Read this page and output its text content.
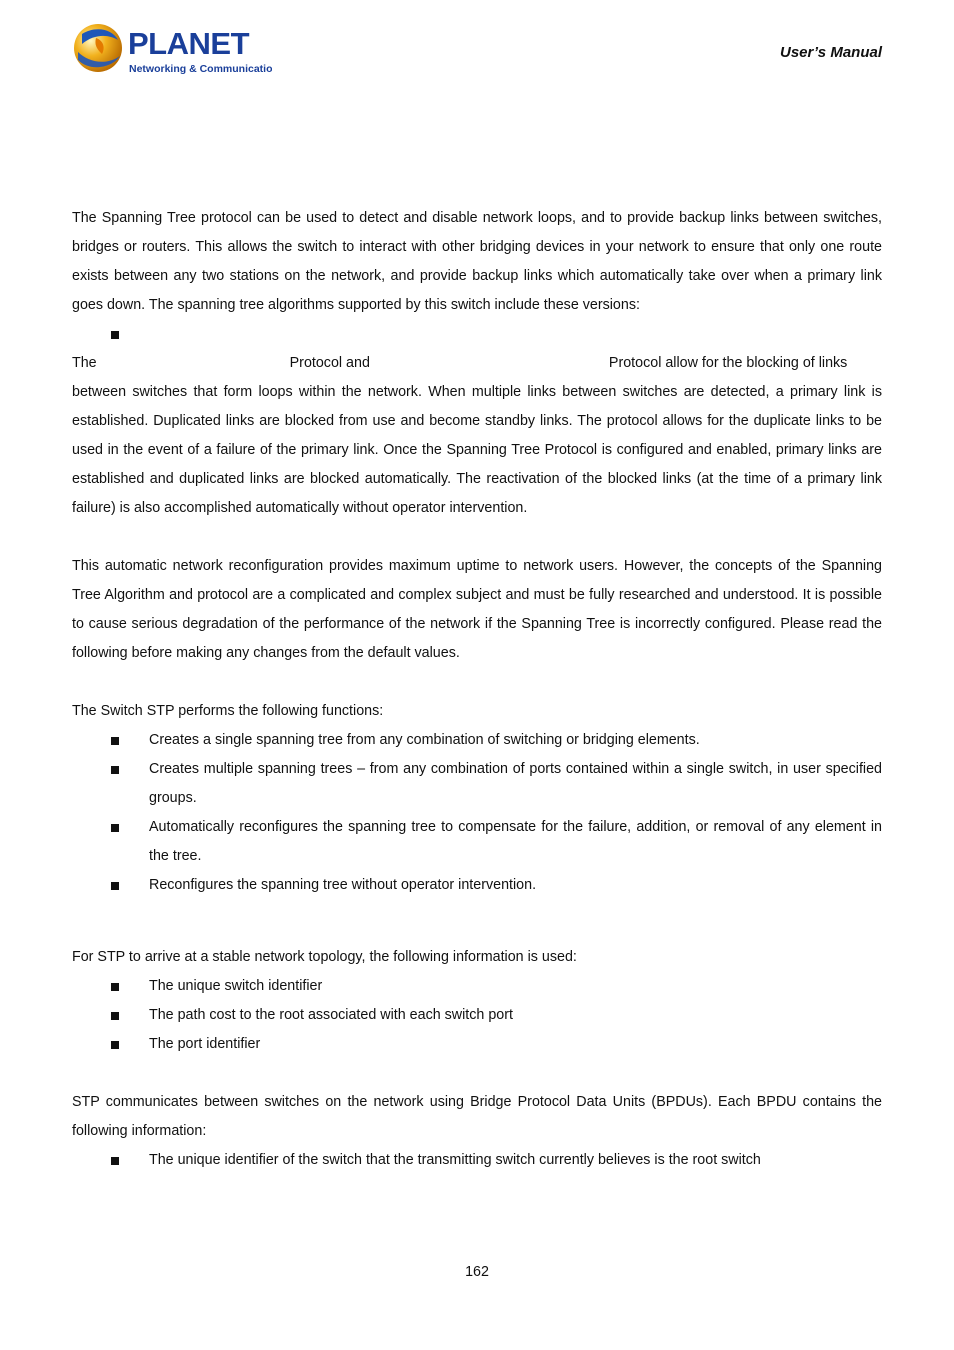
PLANET
Networking & Communication
User’s Manual

The Spanning Tree protocol can be used to detect and disable network loops, and to provide backup links between switches, bridges or routers. This allows the switch to interact with other bridging devices in your network to ensure that only one route exists between any two stations on the network, and provide backup links which automatically take over when a primary link goes down. The spanning tree algorithms supported by this switch include these versions:

The	Protocol and	Protocol allow for the blocking of links

between switches that form loops within the network. When multiple links between switches are detected, a primary link is established. Duplicated links are blocked from use and become standby links. The protocol allows for the duplicate links to be used in the event of a failure of the primary link. Once the Spanning Tree Protocol is configured and enabled, primary links are established and duplicated links are blocked automatically. The reactivation of the blocked links (at the time of a primary link failure) is also accomplished automatically without operator intervention.

This automatic network reconfiguration provides maximum uptime to network users. However, the concepts of the Spanning Tree Algorithm and protocol are a complicated and complex subject and must be fully researched and understood. It is possible to cause serious degradation of the performance of the network if the Spanning Tree is incorrectly configured. Please read the following before making any changes from the default values.

The Switch STP performs the following functions:

Creates a single spanning tree from any combination of switching or bridging elements.
Creates multiple spanning trees – from any combination of ports contained within a single switch, in user specified groups.
Automatically reconfigures the spanning tree to compensate for the failure, addition, or removal of any element in the tree.
Reconfigures the spanning tree without operator intervention.

For STP to arrive at a stable network topology, the following information is used:

The unique switch identifier
The path cost to the root associated with each switch port
The port identifier

STP communicates between switches on the network using Bridge Protocol Data Units (BPDUs). Each BPDU contains the following information:

The unique identifier of the switch that the transmitting switch currently believes is the root switch
162
